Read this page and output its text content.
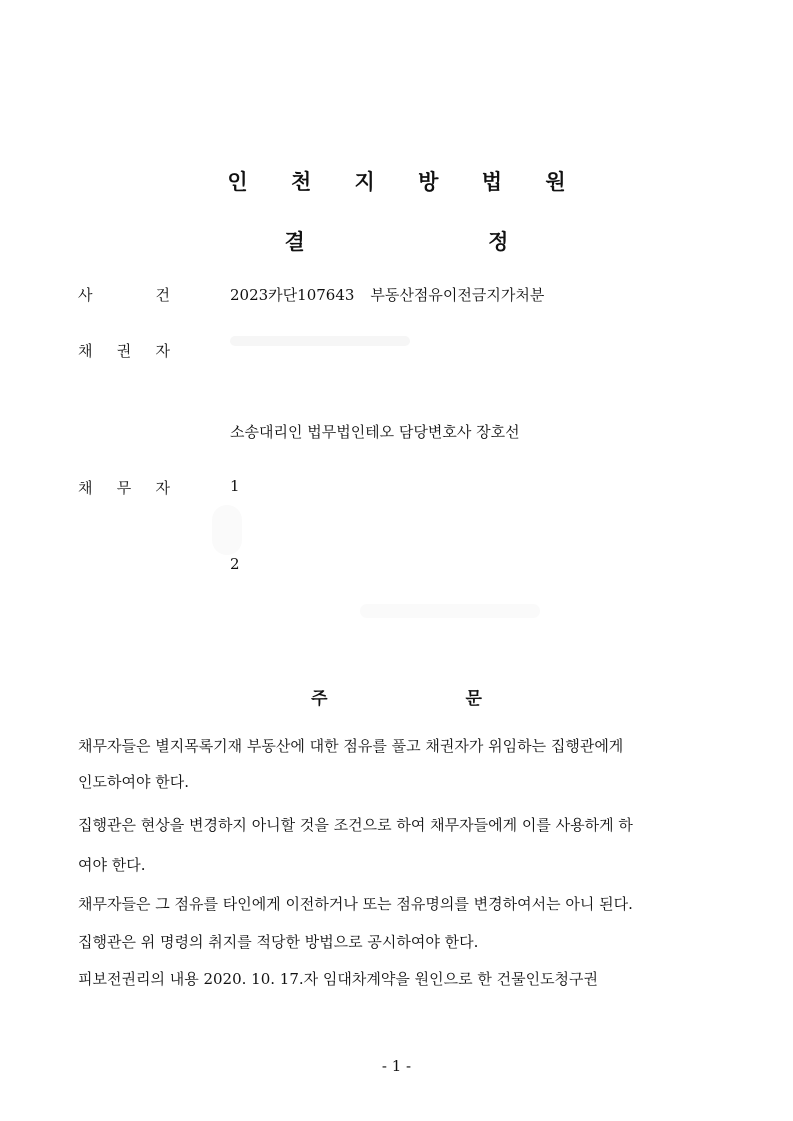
인 천 지 방 법 원
결 정
사	건	2023카단107643 부동산점유이전금지가처분
채 권 자
소송대리인 법무법인테오 담당변호사 장호선
채 무 자	1
2
주 문
채무자들은 별지목록기재 부동산에 대한 점유를 풀고 채권자가 위임하는 집행관에게
인도하여야 한다.
집행관은 현상을 변경하지 아니할 것을 조건으로 하여 채무자들에게 이를 사용하게 하
여야 한다.
채무자들은 그 점유를 타인에게 이전하거나 또는 점유명의를 변경하여서는 아니 된다.
집행관은 위 명령의 취지를 적당한 방법으로 공시하여야 한다.
피보전권리의 내용 2020. 10. 17.자 임대차계약을 원인으로 한 건물인도청구권
- 1 -
